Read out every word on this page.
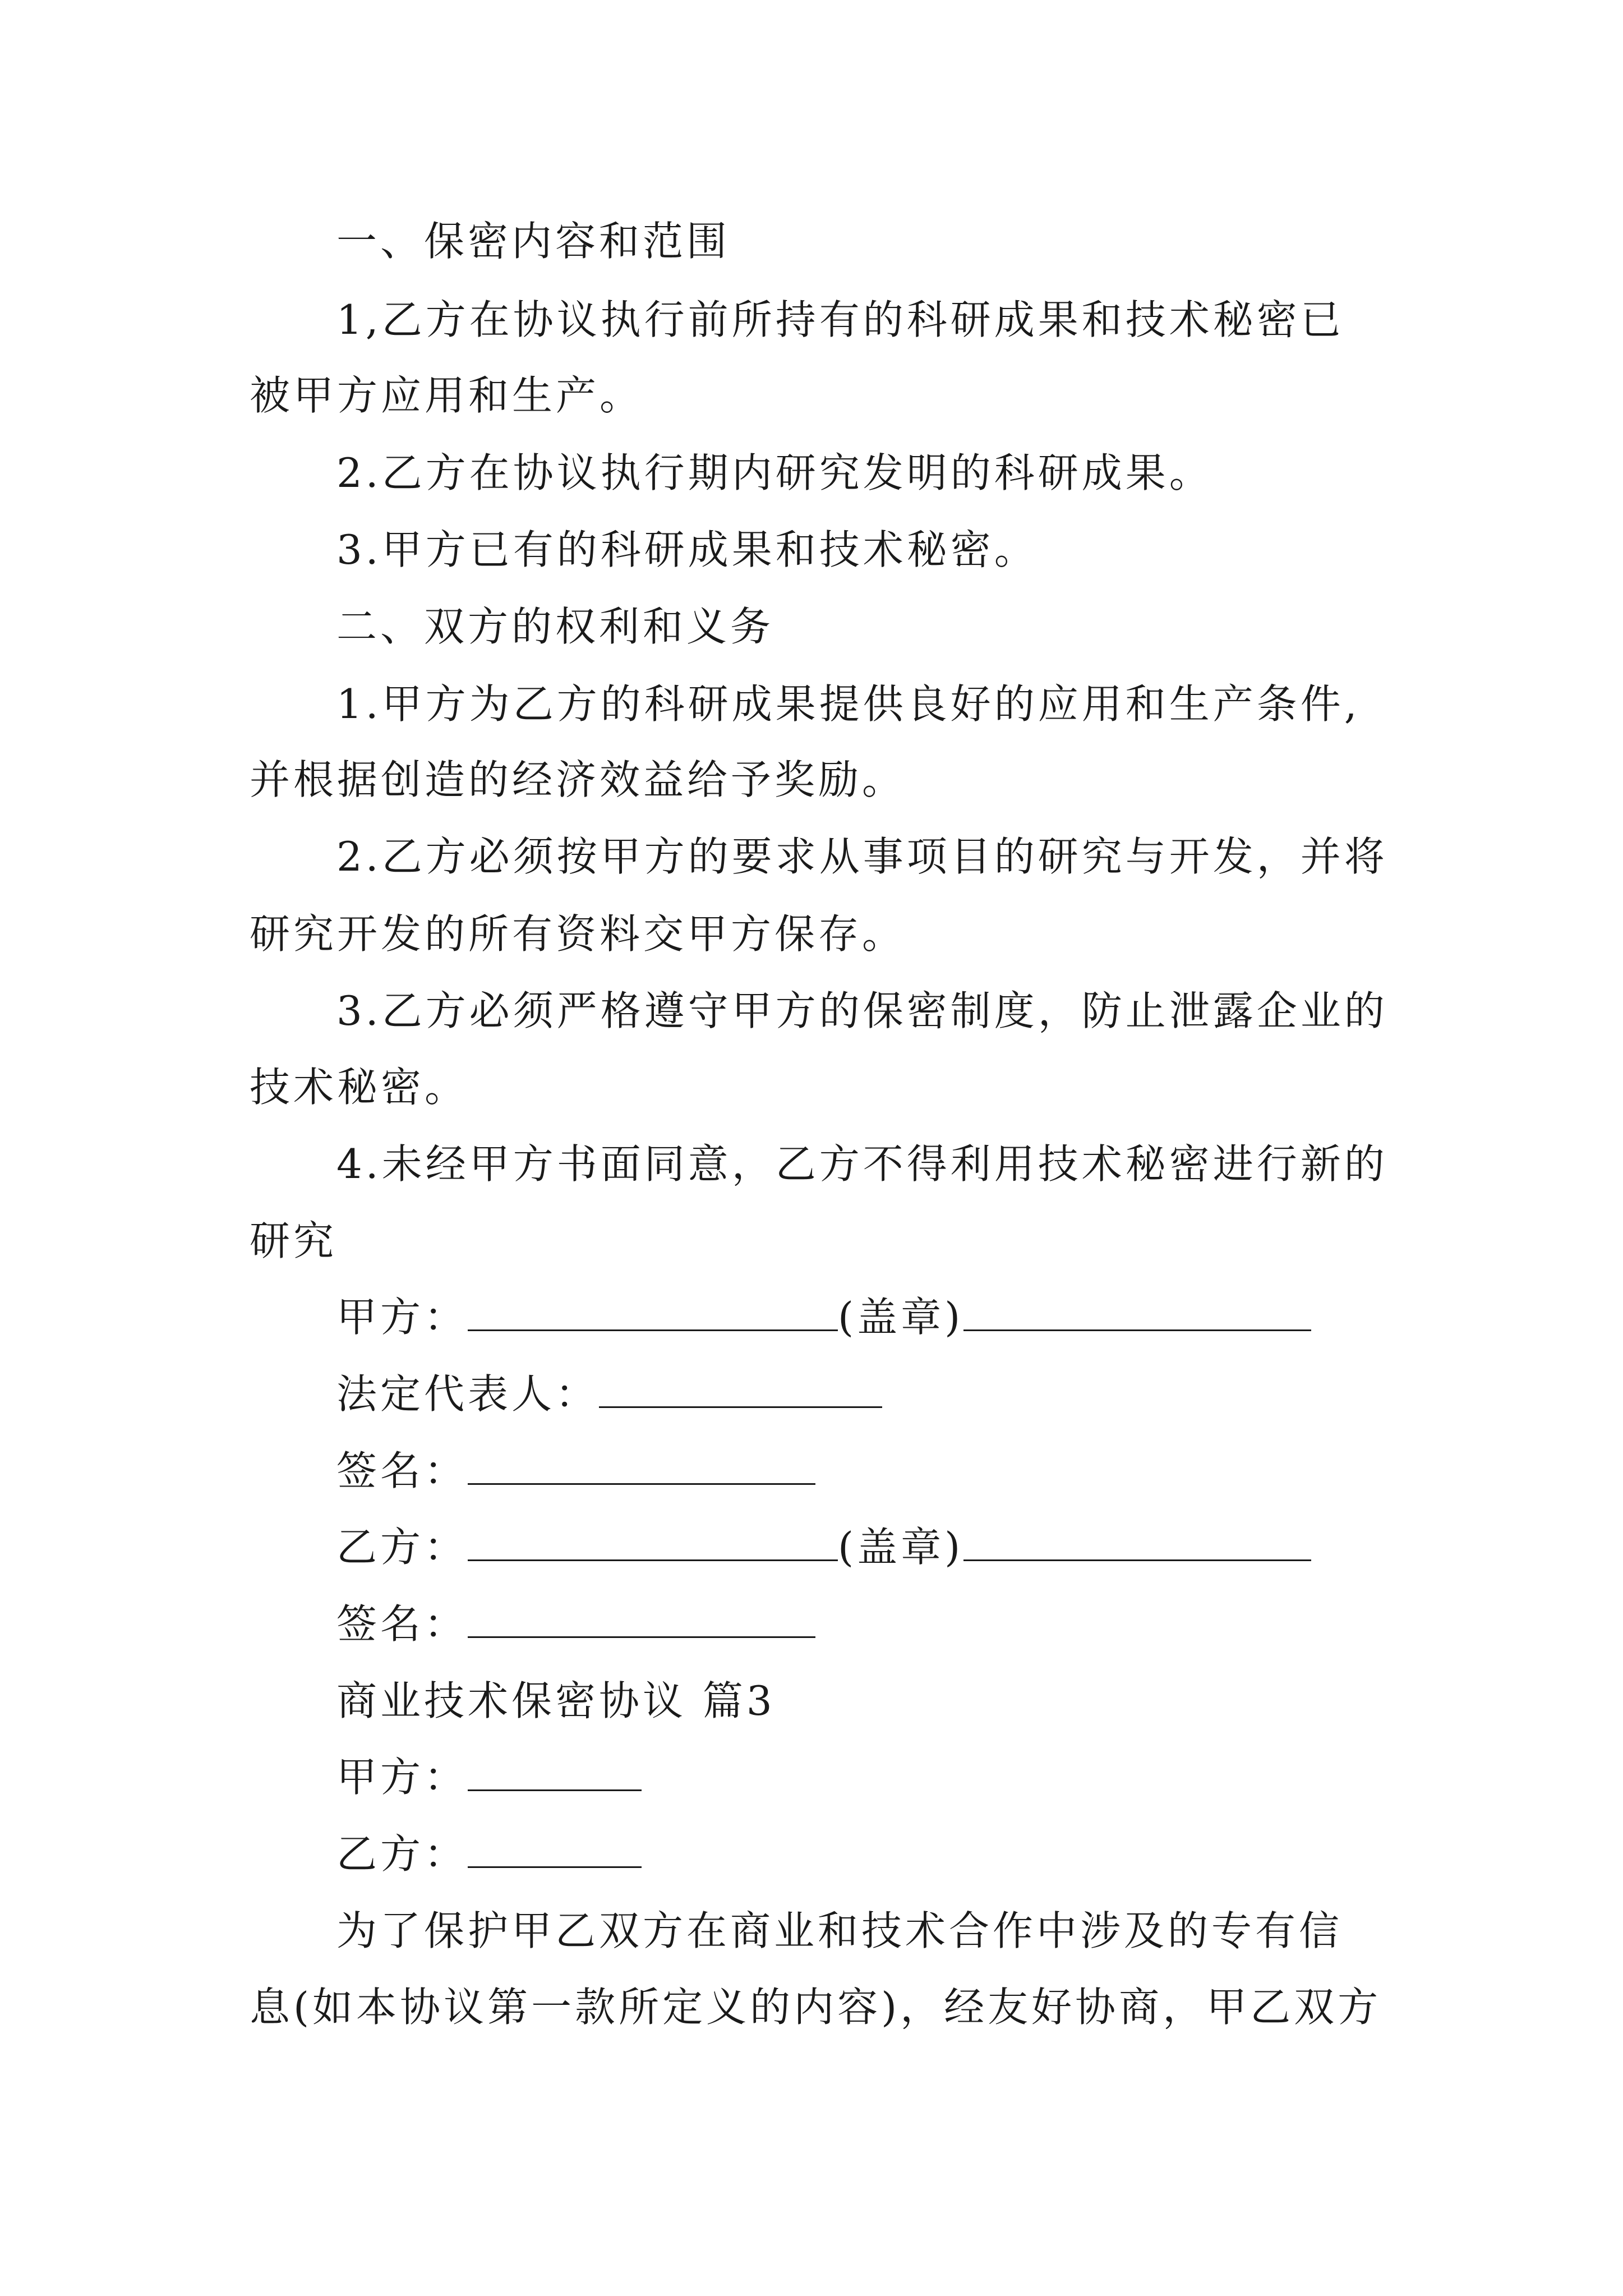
一、保密内容和范围
1,乙方在协议执行前所持有的科研成果和技术秘密已
被甲方应用和生产。
2.乙方在协议执行期内研究发明的科研成果。
3.甲方已有的科研成果和技术秘密。
二、双方的权利和义务
1.甲方为乙方的科研成果提供良好的应用和生产条件,
并根据创造的经济效益给予奖励。
2.乙方必须按甲方的要求从事项目的研究与开发，并将
研究开发的所有资料交甲方保存。
3.乙方必须严格遵守甲方的保密制度，防止泄露企业的
技术秘密。
4.未经甲方书面同意，乙方不得利用技术秘密进行新的
研究
甲方：	(盖章)
法定代表人：
签名：
乙方：	(盖章)
签名：
商业技术保密协议 篇3
甲方：
乙方：
为了保护甲乙双方在商业和技术合作中涉及的专有信
息(如本协议第一款所定义的内容)，经友好协商，甲乙双方
